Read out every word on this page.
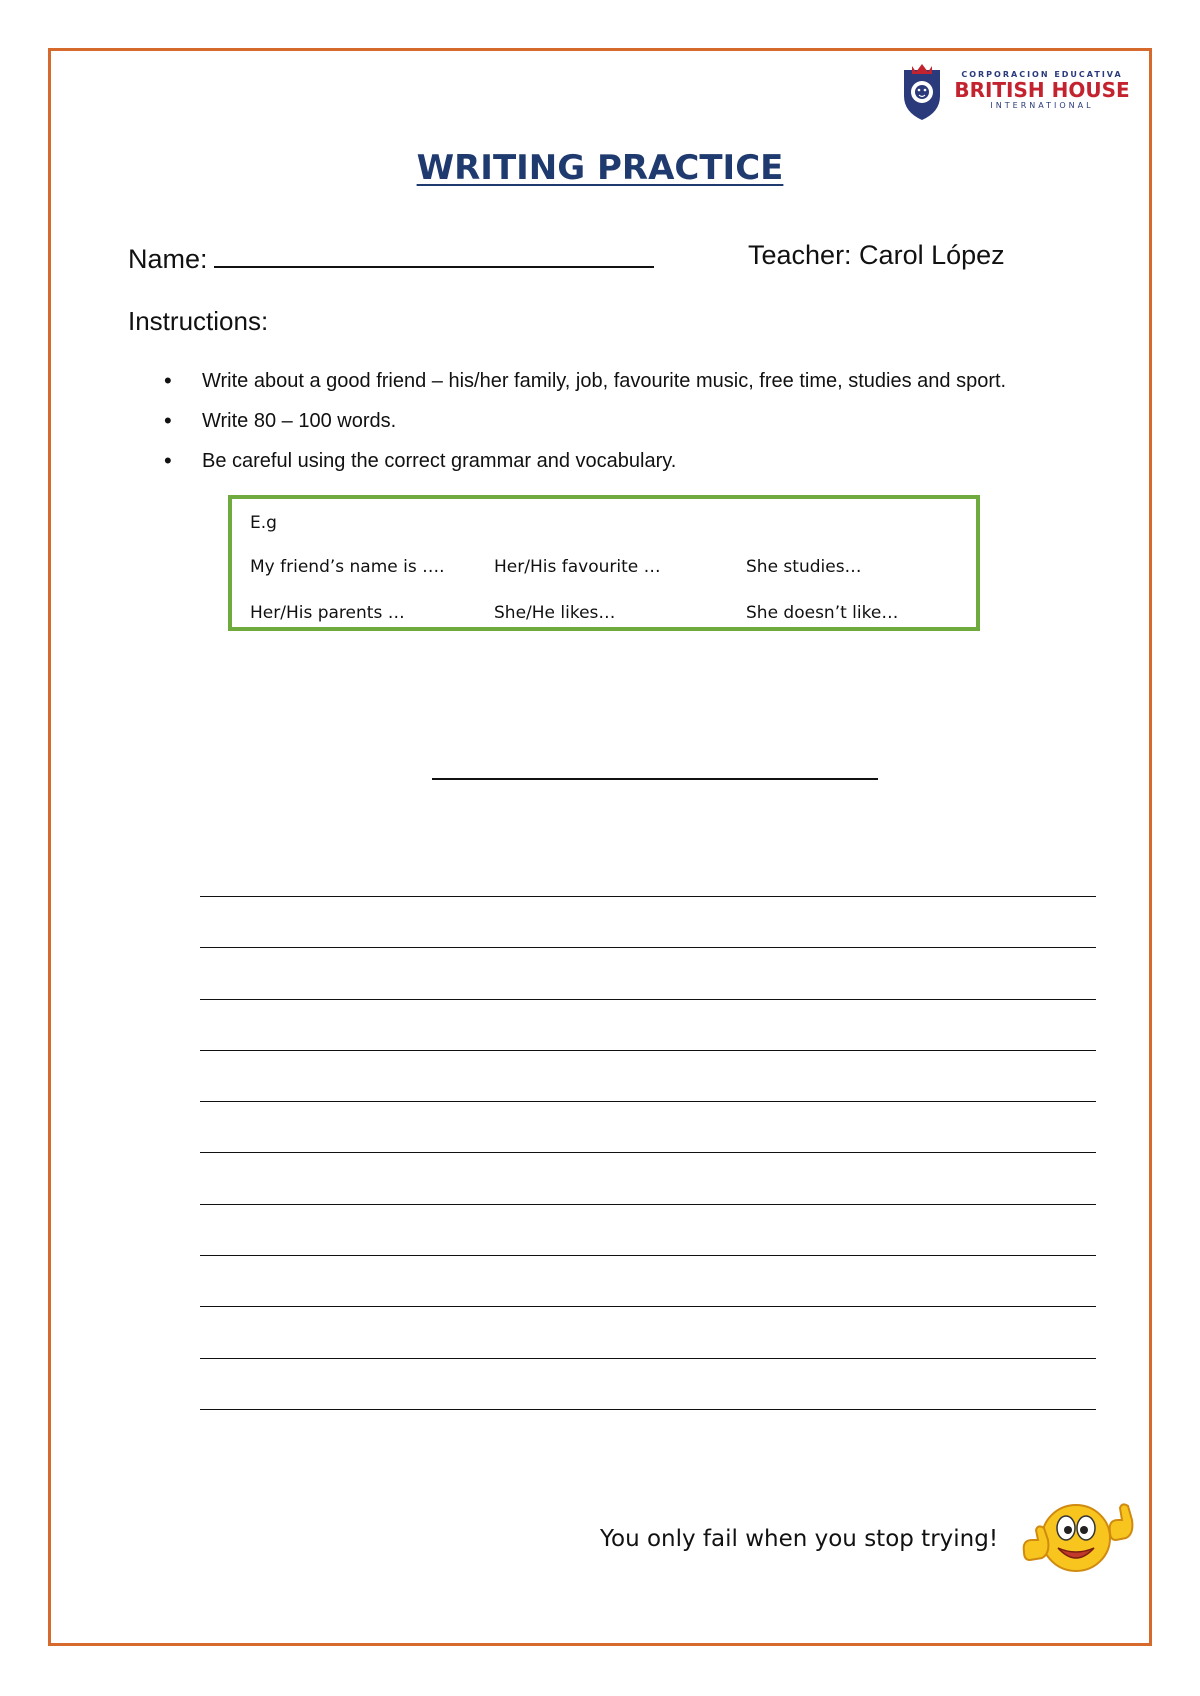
CORPORACION EDUCATIVA
BRITISH HOUSE
INTERNATIONAL
WRITING PRACTICE
Name:	Teacher: Carol López
Instructions:
• Write about a good friend – his/her family, job, favourite music, free time, studies and sport.
• Write 80 – 100 words.
• Be careful using the correct grammar and vocabulary.
E.g
My friend’s name is ….	Her/His favourite …	She studies…
Her/His parents …	She/He likes…	She doesn’t like…
You only fail when you stop trying!
